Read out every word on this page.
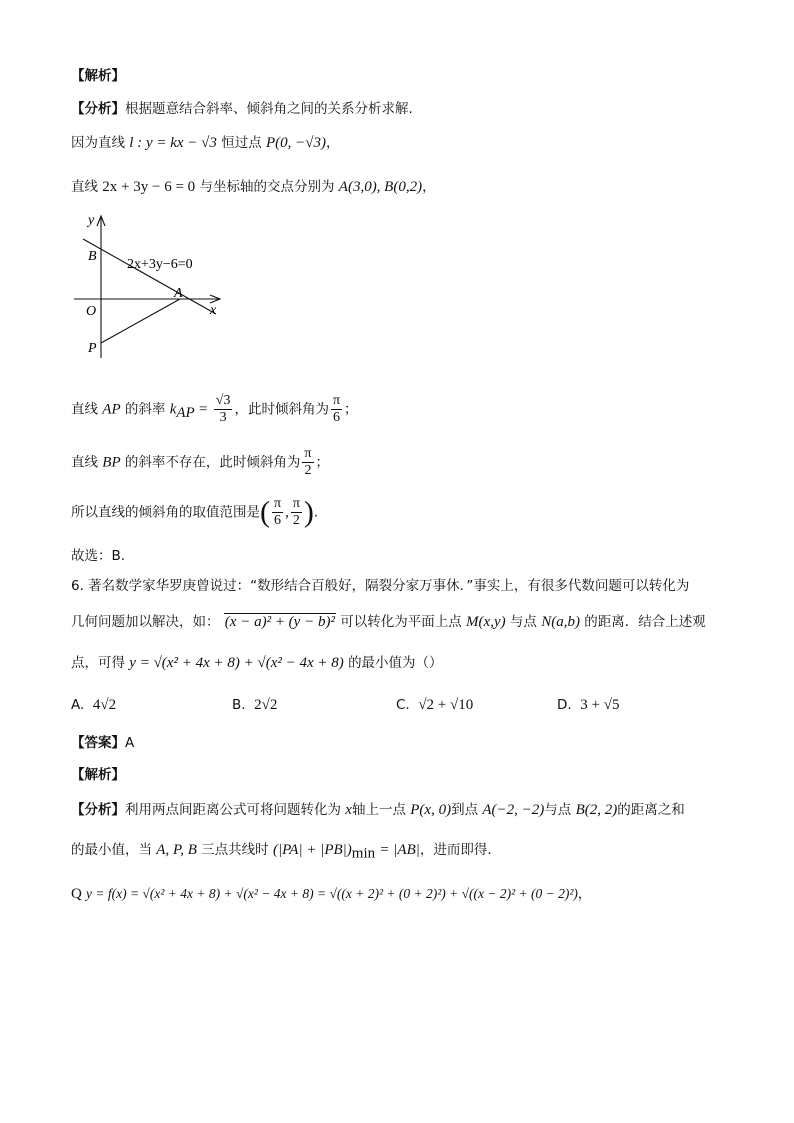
【解析】
【分析】根据题意结合斜率、倾斜角之间的关系分析求解.
因为直线 l : y = kx − √3 恒过点 P(0, −√3)，
直线 2x + 3y − 6 = 0 与坐标轴的交点分别为 A(3,0), B(0,2)，
y
x
B
O
P
A
2x+3y−6=0
直线 AP 的斜率 $k_{AP} = \frac{√3}{3}$ ，此时倾斜角为 $\frac{\pi}{6}$ ；
直线 BP 的斜率不存在，此时倾斜角为 $\frac{\pi}{2}$ ；
所以直线的倾斜角的取值范围是( $\frac{\pi}{6}$ , $\frac{\pi}{2}$ ).
故选：B.
6. 著名数学家华罗庚曾说过：“数形结合百般好，隔裂分家万事休．”事实上，有很多代数问题可以转化为
几何问题加以解决，如： (x − a)² + (y − b)² 可以转化为平面上点 M(x,y) 与点 N(a,b) 的距离．结合上述观
点，可得 y = √(x² + 4x + 8) + √(x² − 4x + 8) 的最小值为（）
A. 4√2	B. 2√2	C. √2 + √10	D. 3 + √5
【答案】A
【解析】
【分析】利用两点间距离公式可将问题转化为 x轴上一点 P(x, 0)到点 A(−2, −2)与点 B(2, 2)的距离之和
的最小值，当 A, P, B 三点共线时 $(|PA| + |PB|)_{min} = |AB|$，进而即得.
Q y = f(x) = √(x² + 4x + 8) + √(x² − 4x + 8) = √((x + 2)² + (0 + 2)²) + √((x − 2)² + (0 − 2)²)，
